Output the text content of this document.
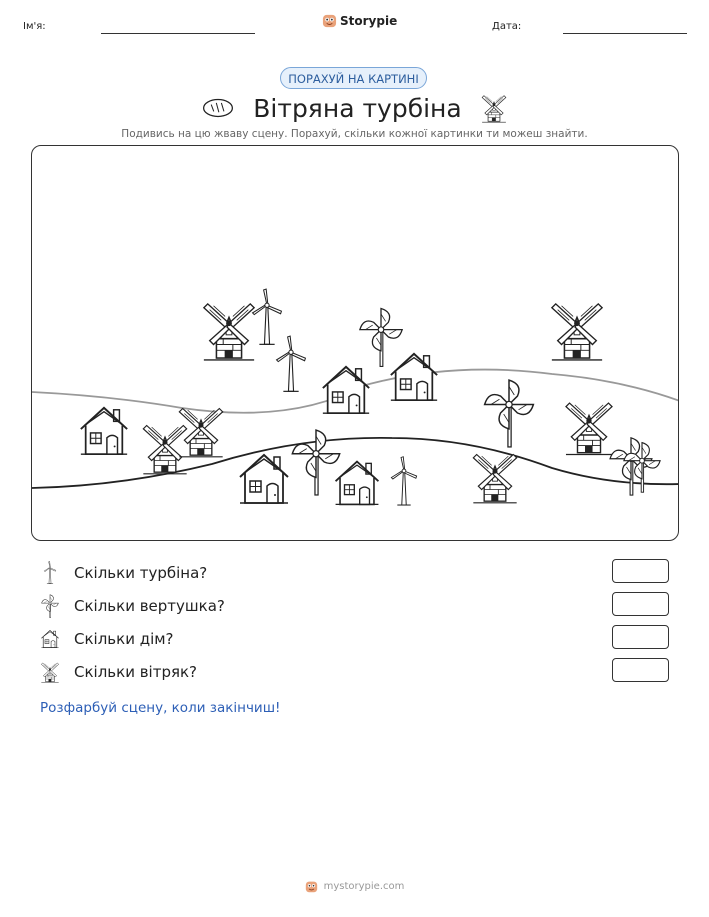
Ім'я:	Storypie	Дата:
ПОРАХУЙ НА КАРТИНІ
Вітряна турбіна
Подивись на цю жваву сцену. Порахуй, скільки кожної картинки ти можеш знайти.
Скільки турбіна?
Скільки вертушка?
Скільки дім?
Скільки вітряк?
Розфарбуй сцену, коли закінчиш!
mystorypie.com
